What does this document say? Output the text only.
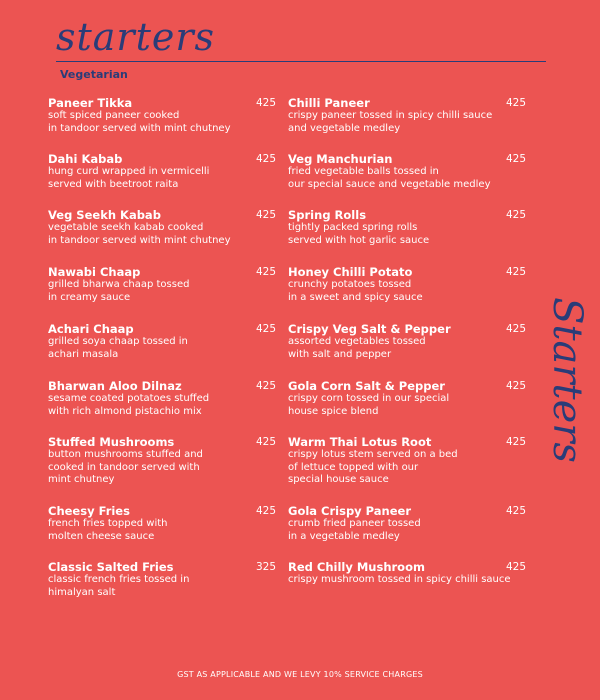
starters
Vegetarian
Starters
Paneer Tikka	425
soft spiced paneer cooked
in tandoor served with mint chutney
Dahi Kabab	425
hung curd wrapped in vermicelli
served with beetroot raita
Veg Seekh Kabab	425
vegetable seekh kabab cooked
in tandoor served with mint chutney
Nawabi Chaap	425
grilled bharwa chaap tossed
in creamy sauce
Achari Chaap	425
grilled soya chaap tossed in
achari masala
Bharwan Aloo Dilnaz	425
sesame coated potatoes stuffed
with rich almond pistachio mix
Stuffed Mushrooms	425
button mushrooms stuffed and
cooked in tandoor served with
mint chutney
Cheesy Fries	425
french fries topped with
molten cheese sauce
Classic Salted Fries	325
classic french fries tossed in
himalyan salt
Chilli Paneer	425
crispy paneer tossed in spicy chilli sauce
and vegetable medley
Veg Manchurian	425
fried vegetable balls tossed in
our special sauce and vegetable medley
Spring Rolls	425
tightly packed spring rolls
served with hot garlic sauce
Honey Chilli Potato	425
crunchy potatoes tossed
in a sweet and spicy sauce
Crispy Veg Salt & Pepper	425
assorted vegetables tossed
with salt and pepper
Gola Corn Salt & Pepper	425
crispy corn tossed in our special
house spice blend
Warm Thai Lotus Root	425
crispy lotus stem served on a bed
of lettuce topped with our
special house sauce
Gola Crispy Paneer	425
crumb fried paneer tossed
in a vegetable medley
Red Chilly Mushroom	425
crispy mushroom tossed in spicy chilli sauce
GST AS APPLICABLE AND WE LEVY 10% SERVICE CHARGES
